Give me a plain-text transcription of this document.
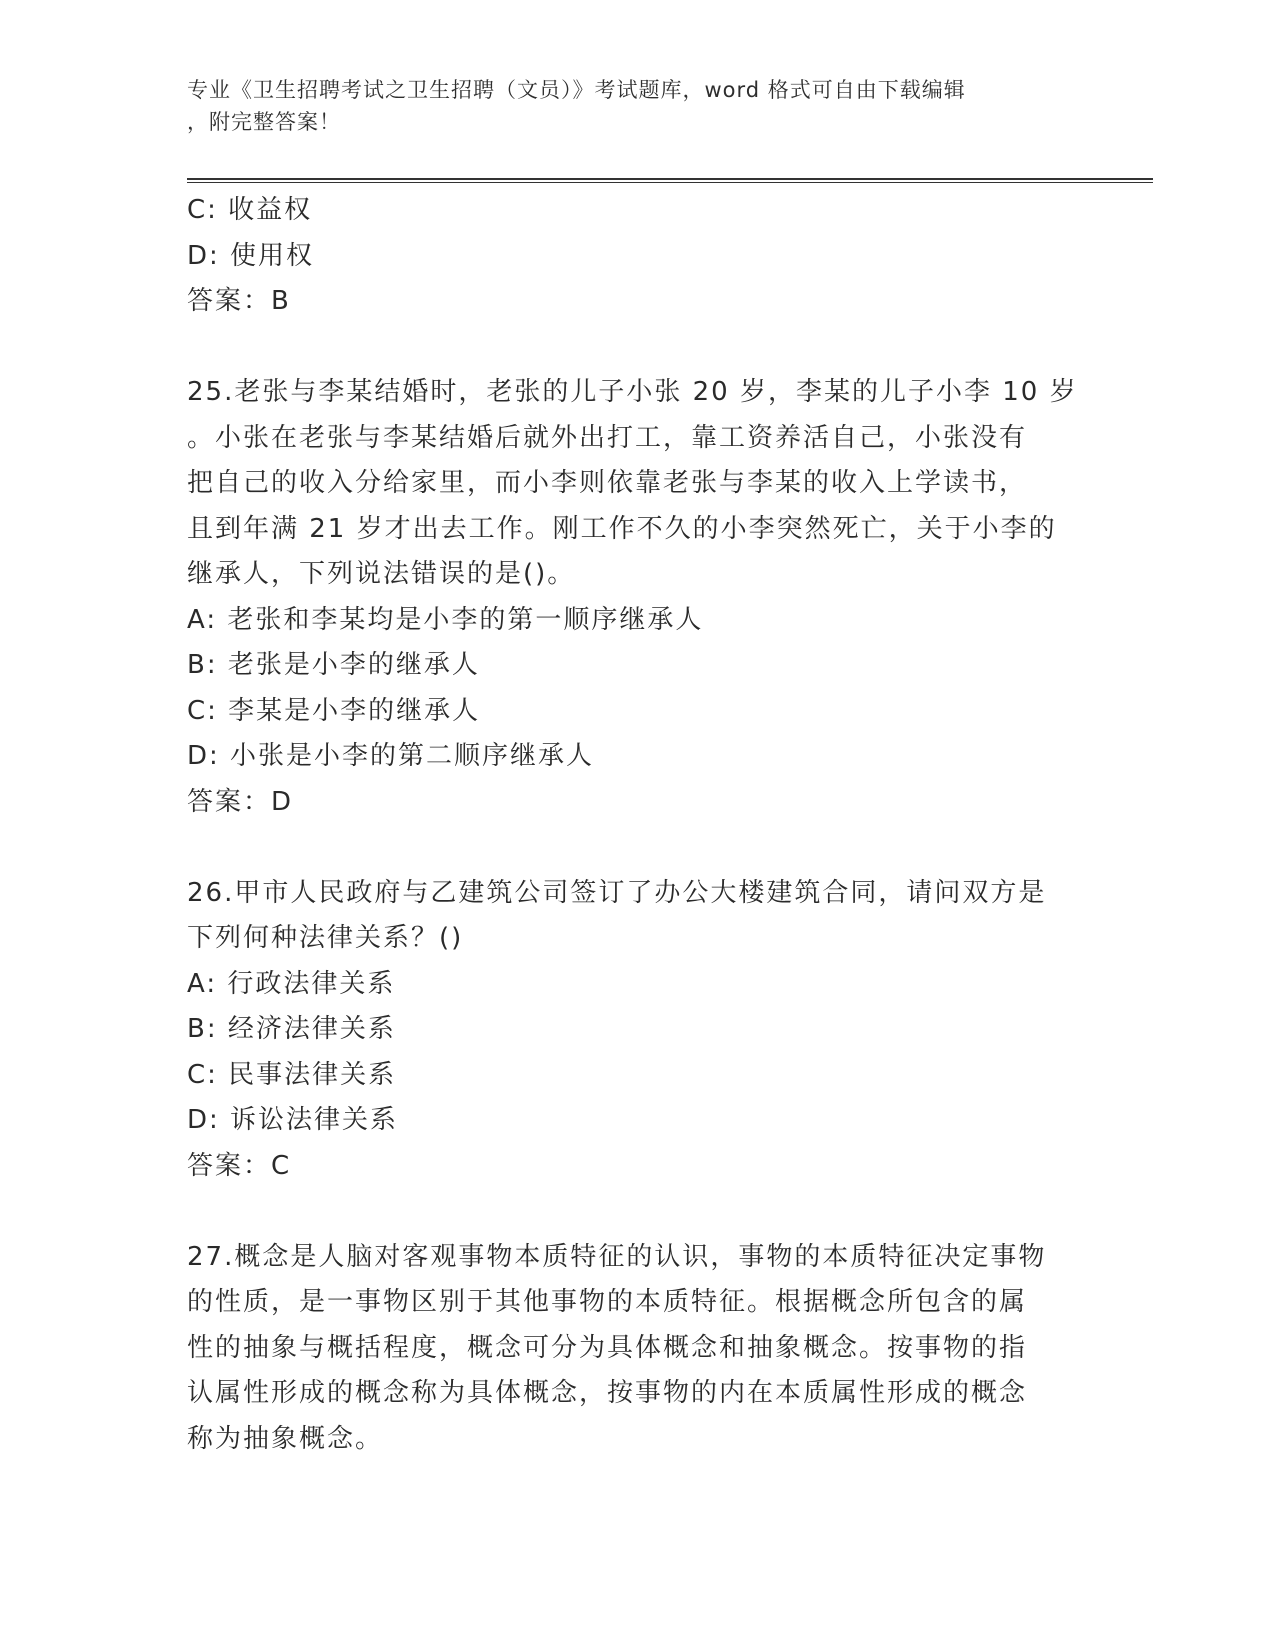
专业《卫生招聘考试之卫生招聘（文员）》考试题库，word 格式可自由下载编辑
，附完整答案！
C: 收益权
D: 使用权
答案：B
25.老张与李某结婚时，老张的儿子小张 20 岁，李某的儿子小李 10 岁
。小张在老张与李某结婚后就外出打工，靠工资养活自己，小张没有
把自己的收入分给家里，而小李则依靠老张与李某的收入上学读书，
且到年满 21 岁才出去工作。刚工作不久的小李突然死亡，关于小李的
继承人，下列说法错误的是()。
A: 老张和李某均是小李的第一顺序继承人
B: 老张是小李的继承人
C: 李某是小李的继承人
D: 小张是小李的第二顺序继承人
答案：D
26.甲市人民政府与乙建筑公司签订了办公大楼建筑合同，请问双方是
下列何种法律关系？()
A: 行政法律关系
B: 经济法律关系
C: 民事法律关系
D: 诉讼法律关系
答案：C
27.概念是人脑对客观事物本质特征的认识，事物的本质特征决定事物
的性质，是一事物区别于其他事物的本质特征。根据概念所包含的属
性的抽象与概括程度，概念可分为具体概念和抽象概念。按事物的指
认属性形成的概念称为具体概念，按事物的内在本质属性形成的概念
称为抽象概念。
